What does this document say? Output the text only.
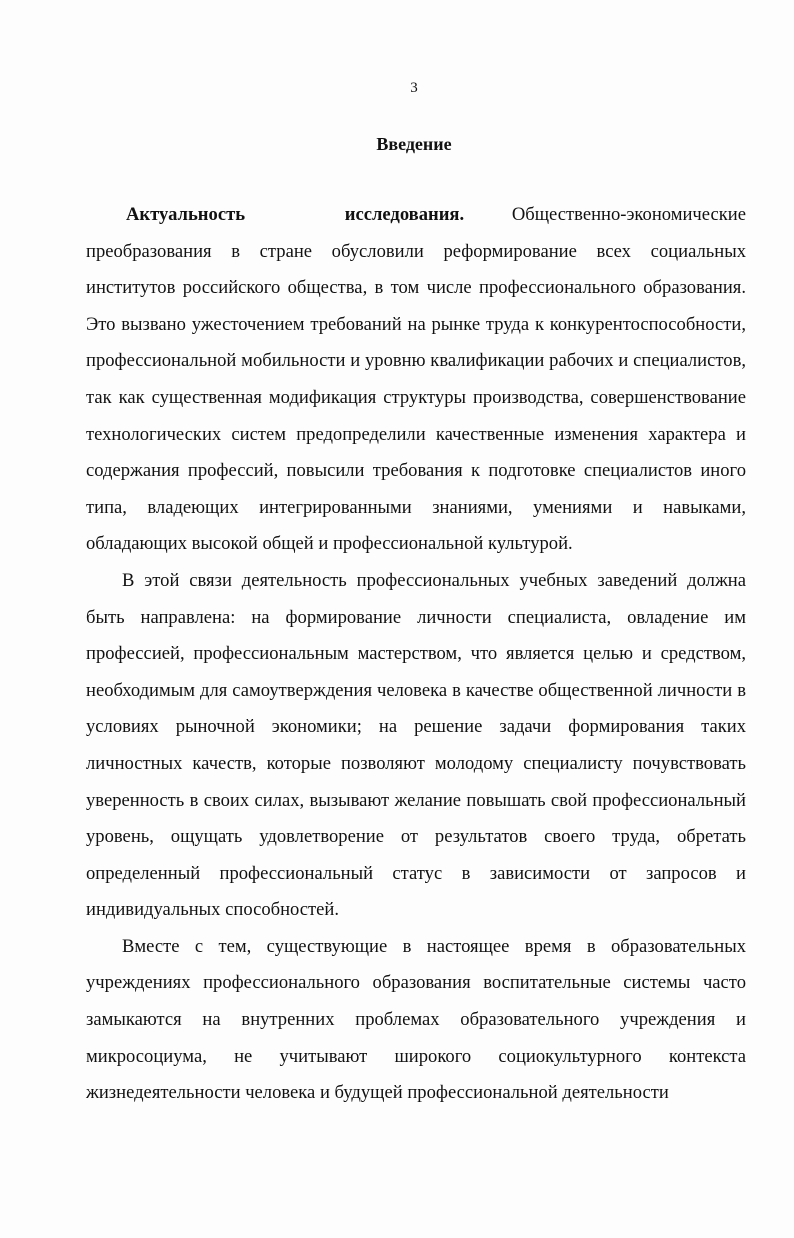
3
Введение

Актуальность исследования. Общественно-экономические преобразования в стране обусловили реформирование всех социальных институтов российского общества, в том числе профессионального образования. Это вызвано ужесточением требований на рынке труда к конкурентоспособности, профессиональной мобильности и уровню квалификации рабочих и специалистов, так как существенная модификация структуры производства, совершенствование технологических систем предопределили качественные изменения характера и содержания профессий, повысили требования к подготовке специалистов иного типа, владеющих интегрированными знаниями, умениями и навыками, обладающих высокой общей и профессиональной культурой.

В этой связи деятельность профессиональных учебных заведений должна быть направлена: на формирование личности специалиста, овладение им профессией, профессиональным мастерством, что является целью и средством, необходимым для самоутверждения человека в качестве общественной личности в условиях рыночной экономики; на решение задачи формирования таких личностных качеств, которые позволяют молодому специалисту почувствовать уверенность в своих силах, вызывают желание повышать свой профессиональный уровень, ощущать удовлетворение от результатов своего труда, обретать определенный профессиональный статус в зависимости от запросов и индивидуальных способностей.

Вместе с тем, существующие в настоящее время в образовательных учреждениях профессионального образования воспитательные системы часто замыкаются на внутренних проблемах образовательного учреждения и микросоциума, не учитывают широкого социокультурного контекста жизнедеятельности человека и будущей профессиональной деятельности
